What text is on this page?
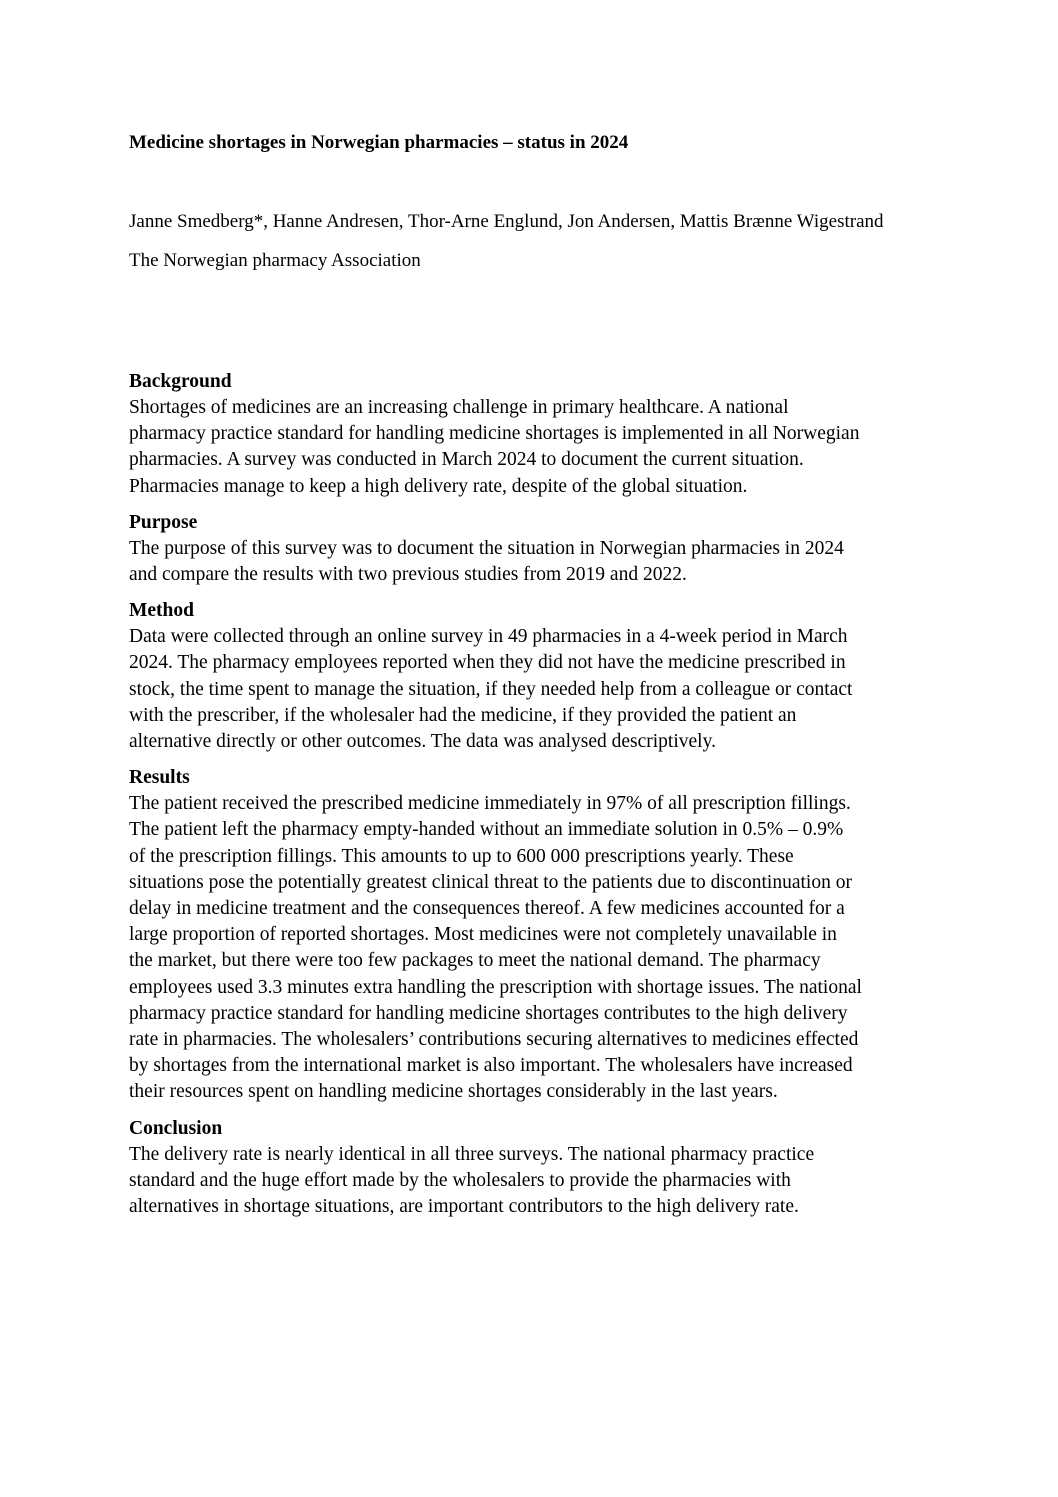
Medicine shortages in Norwegian pharmacies – status in 2024
Janne Smedberg*, Hanne Andresen, Thor-Arne Englund, Jon Andersen, Mattis Brænne Wigestrand
The Norwegian pharmacy Association
Background

Shortages of medicines are an increasing challenge in primary healthcare. A national
pharmacy practice standard for handling medicine shortages is implemented in all Norwegian
pharmacies. A survey was conducted in March 2024 to document the current situation.
Pharmacies manage to keep a high delivery rate, despite of the global situation.

Purpose

The purpose of this survey was to document the situation in Norwegian pharmacies in 2024
and compare the results with two previous studies from 2019 and 2022.

Method

Data were collected through an online survey in 49 pharmacies in a 4-week period in March
2024. The pharmacy employees reported when they did not have the medicine prescribed in
stock, the time spent to manage the situation, if they needed help from a colleague or contact
with the prescriber, if the wholesaler had the medicine, if they provided the patient an
alternative directly or other outcomes. The data was analysed descriptively.

Results

The patient received the prescribed medicine immediately in 97% of all prescription fillings.
The patient left the pharmacy empty-handed without an immediate solution in 0.5% – 0.9%
of the prescription fillings. This amounts to up to 600 000 prescriptions yearly. These
situations pose the potentially greatest clinical threat to the patients due to discontinuation or
delay in medicine treatment and the consequences thereof. A few medicines accounted for a
large proportion of reported shortages. Most medicines were not completely unavailable in
the market, but there were too few packages to meet the national demand. The pharmacy
employees used 3.3 minutes extra handling the prescription with shortage issues. The national
pharmacy practice standard for handling medicine shortages contributes to the high delivery
rate in pharmacies. The wholesalers’ contributions securing alternatives to medicines effected
by shortages from the international market is also important. The wholesalers have increased
their resources spent on handling medicine shortages considerably in the last years.

Conclusion

The delivery rate is nearly identical in all three surveys. The national pharmacy practice
standard and the huge effort made by the wholesalers to provide the pharmacies with
alternatives in shortage situations, are important contributors to the high delivery rate.
